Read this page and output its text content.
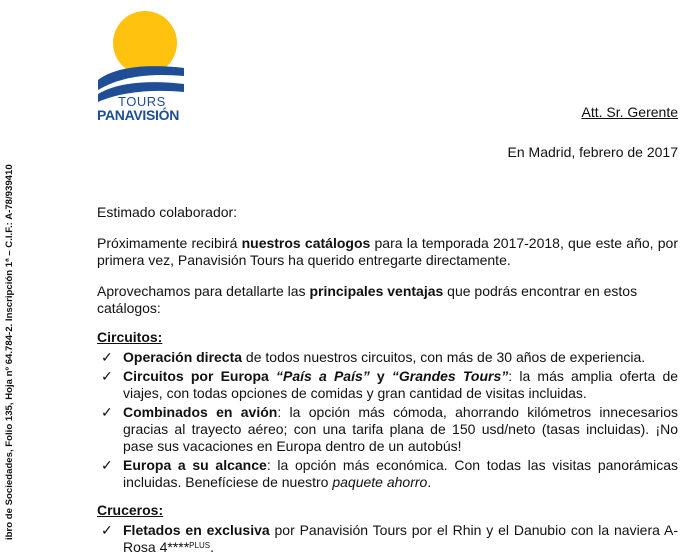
TOURS
PANAVISIÓN
ibro de Sociedades, Folio 135, Hoja nº 64.784-2. Inscripción 1ª – C.I.F.: A-78/939410
Att. Sr. Gerente
En Madrid, febrero de 2017

Estimado colaborador:

Próximamente recibirá nuestros catálogos para la temporada 2017-2018, que este año, por primera vez, Panavisión Tours ha querido entregarte directamente.

Aprovechamos para detallarte las principales ventajas que podrás encontrar en estos catálogos:

Circuitos:

✓ Operación directa de todos nuestros circuitos, con más de 30 años de experiencia.
✓ Circuitos por Europa “País a País” y “Grandes Tours”: la más amplia oferta de viajes, con todas opciones de comidas y gran cantidad de visitas incluidas.
✓ Combinados en avión: la opción más cómoda, ahorrando kilómetros innecesarios gracias al trayecto aéreo; con una tarifa plana de 150 usd/neto (tasas incluidas). ¡No pase sus vacaciones en Europa dentro de un autobús!
✓ Europa a su alcance: la opción más económica. Con todas las visitas panorámicas incluidas. Benefíciese de nuestro paquete ahorro.

Cruceros:

✓ Fletados en exclusiva por Panavisión Tours por el Rhin y el Danubio con la naviera A-Rosa 4****$^{PLUS}$.
